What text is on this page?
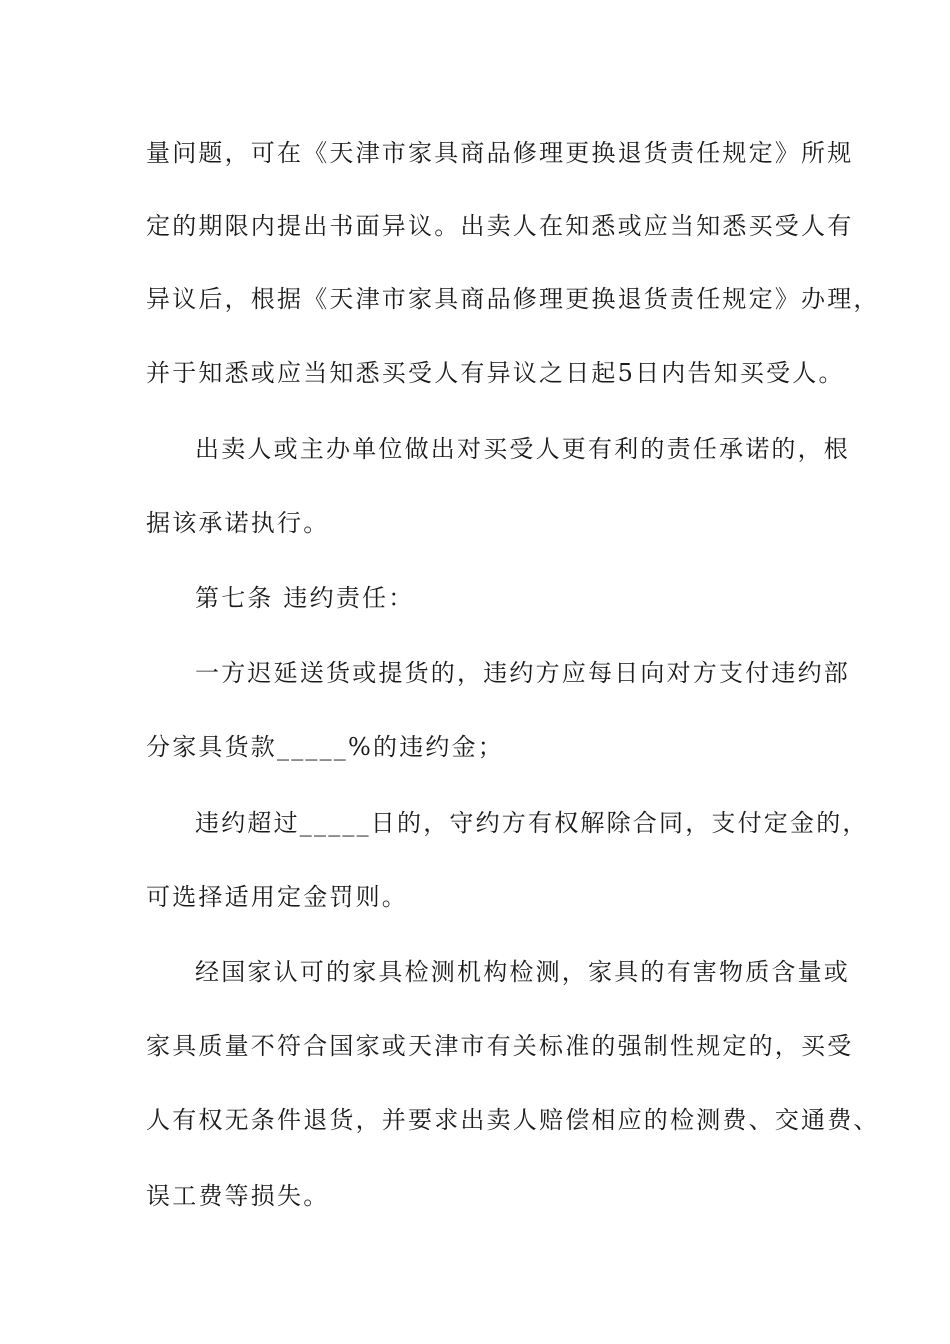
量问题，可在《天津市家具商品修理更换退货责任规定》所规
定的期限内提出书面异议。出卖人在知悉或应当知悉买受人有
异议后，根据《天津市家具商品修理更换退货责任规定》办理，
并于知悉或应当知悉买受人有异议之日起5日内告知买受人。
出卖人或主办单位做出对买受人更有利的责任承诺的，根
据该承诺执行。
第七条 违约责任：
一方迟延送货或提货的，违约方应每日向对方支付违约部
分家具货款_____%的违约金；
违约超过_____日的，守约方有权解除合同，支付定金的，
可选择适用定金罚则。
经国家认可的家具检测机构检测，家具的有害物质含量或
家具质量不符合国家或天津市有关标准的强制性规定的，买受
人有权无条件退货，并要求出卖人赔偿相应的检测费、交通费、
误工费等损失。
